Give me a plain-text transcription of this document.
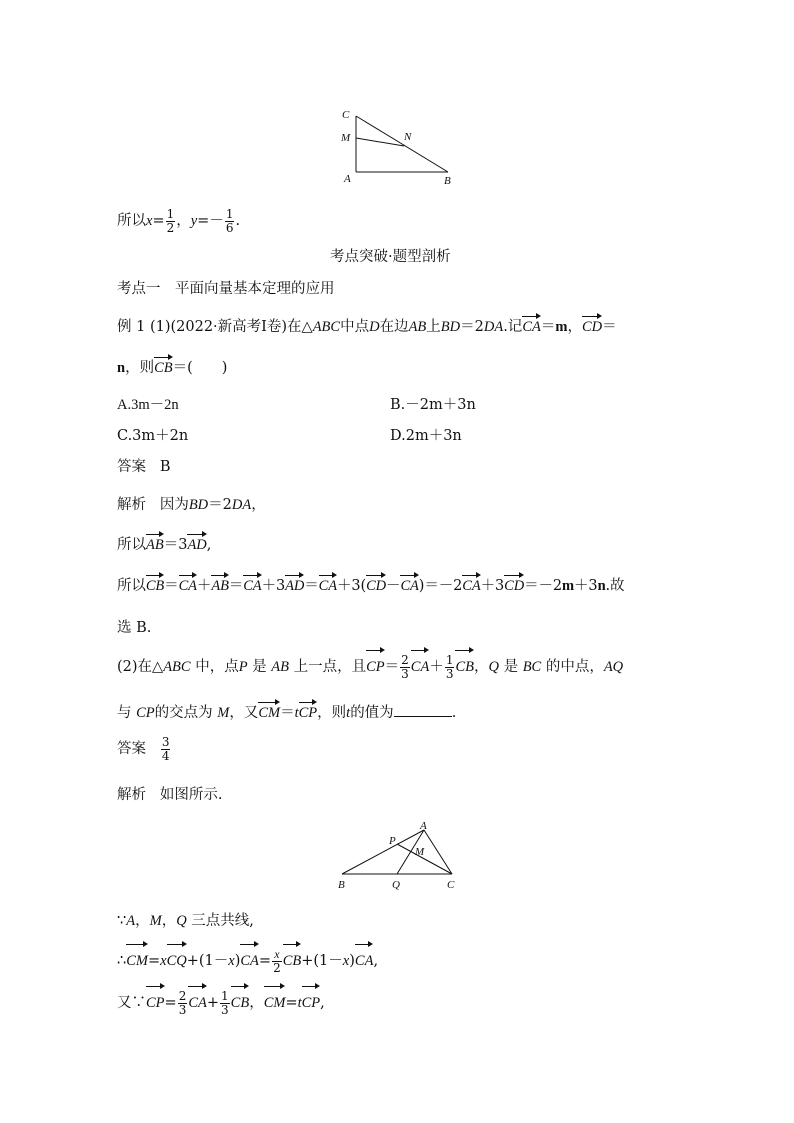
C
M	N
A	B
所以$x= \frac{1}{2}$ ，$y=- \frac{1}{6}$ .
考点突破·题型剖析
考点一　平面向量基本定理的应用
例 1 (1)(2022·新高考Ⅰ卷)在△ABC中点D在边AB上BD＝2DA.记CA＝m，CD＝
n，则CB＝(　　)
A.3m－2n	B.－2m＋3n
C.3m＋2n	D.2m＋3n
答案 B
解析 因为BD＝2DA，
所以AB＝3AD,
所以CB＝CA＋AB＝CA＋3AD＝CA＋3(CD－CA)＝－2CA＋3CD＝－2m＋3n.故
选 B.
(2)在△ABC 中，点P 是 AB 上一点，且$CP= \frac{2}{3} CA+ \frac{1}{3}$ CB，Q 是 BC 的中点，AQ
与 CP的交点为 M，又CM＝tCP，则t的值为	.
答案 $\frac{3}{4}$
解析 如图所示.
A
P
M
B	Q	C
∵A，M，Q 三点共线,
∴CM=xCQ+(1－x)CA= $\frac{x}{2} CB+(1-x)CA$,
又∵CP= $\frac{2}{3} CA+ \frac{1}{3}$ CB，CM=tCP,
